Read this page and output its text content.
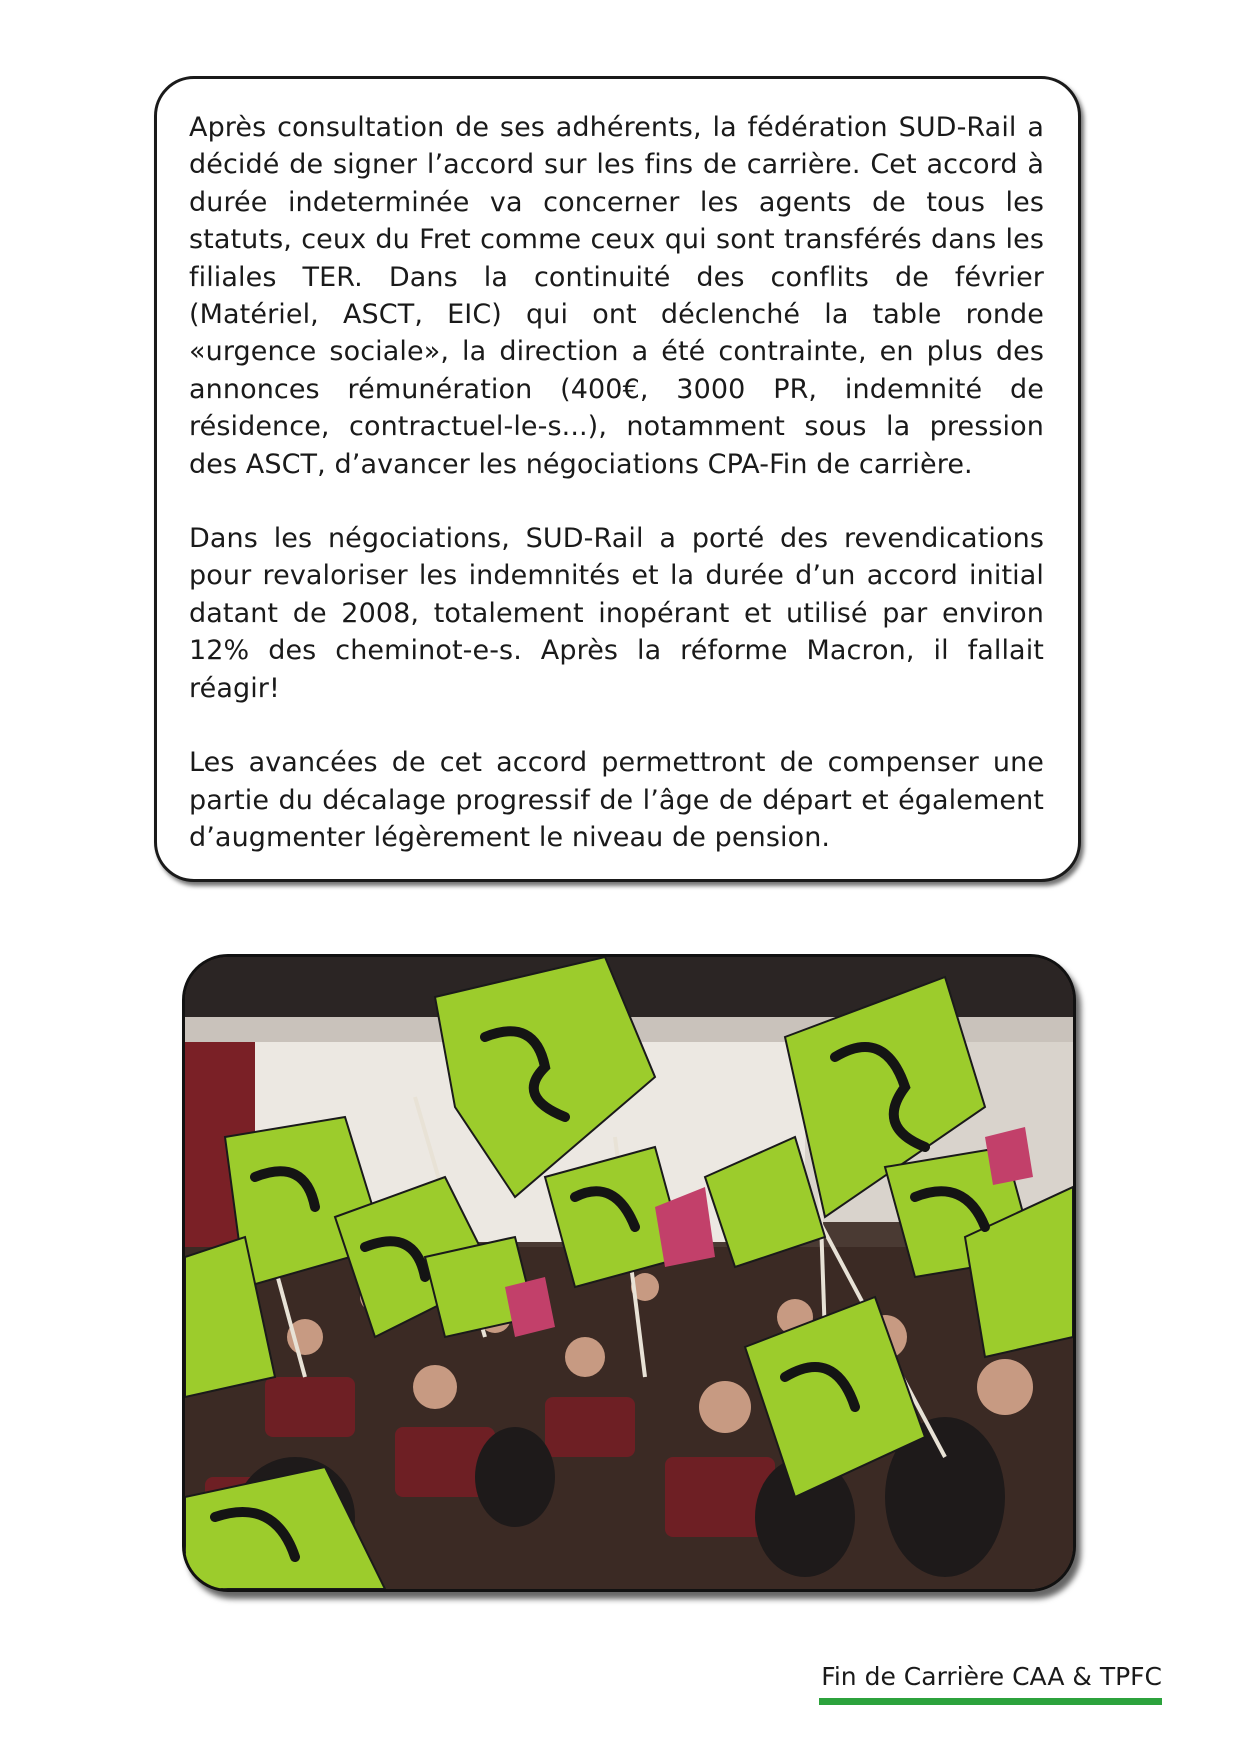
Après consultation de ses adhérents, la fédération SUD-Rail a décidé de signer l’accord sur les fins de carrière. Cet accord à durée indeterminée va concerner les agents de tous les statuts, ceux du Fret comme ceux qui sont transférés dans les filiales TER. Dans la continuité des conflits de février (Matériel, ASCT, EIC) qui ont déclenché la table ronde «urgence sociale», la direction a été contrainte, en plus des annonces rémunération (400€, 3000 PR, indemnité de résidence, contractuel-le-s...), notamment sous la pression des ASCT, d’avancer les négociations CPA-Fin de carrière.

Dans les négociations, SUD-Rail a porté des revendications pour revaloriser les indemnités et la durée d’un accord initial datant de 2008, totalement inopérant et utilisé par environ 12% des cheminot-e-s. Après la réforme Macron, il fallait réagir!

Les avancées de cet accord permettront de compenser une partie du décalage progressif de l’âge de départ et également d’augmenter légèrement le niveau de pension.

Fin de Carrière CAA & TPFC
